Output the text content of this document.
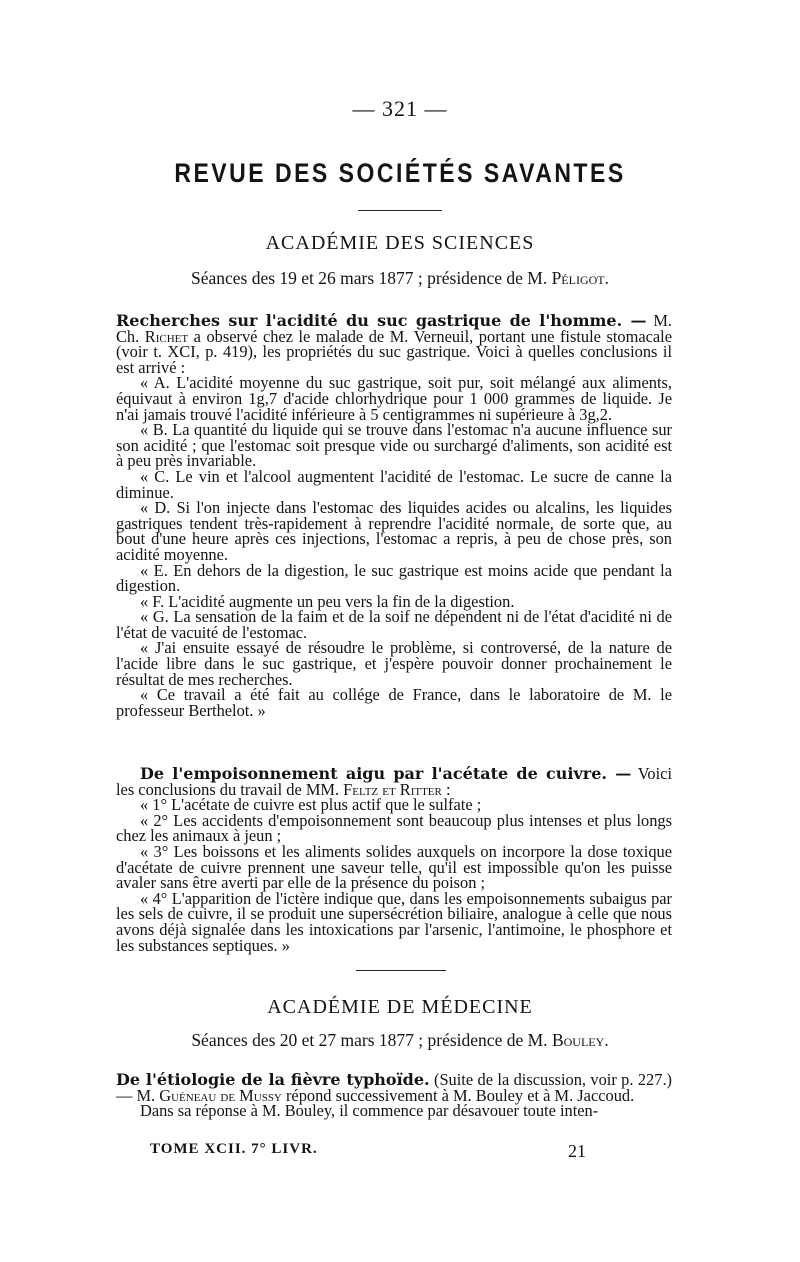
— 321 —
REVUE DES SOCIÉTÉS SAVANTES
ACADÉMIE DES SCIENCES
Séances des 19 et 26 mars 1877 ; présidence de M. Péligot.

Recherches sur l'acidité du suc gastrique de l'homme. — M. Ch. Richet a observé chez le malade de M. Verneuil, portant une fistule stomacale (voir t. XCI, p. 419), les propriétés du suc gastrique. Voici à quelles conclusions il est arrivé :

« A. L'acidité moyenne du suc gastrique, soit pur, soit mélangé aux aliments, équivaut à environ 1g,7 d'acide chlorhydrique pour 1 000 grammes de liquide. Je n'ai jamais trouvé l'acidité inférieure à 5 centigrammes ni supérieure à 3g,2.

« B. La quantité du liquide qui se trouve dans l'estomac n'a aucune influence sur son acidité ; que l'estomac soit presque vide ou surchargé d'aliments, son acidité est à peu près invariable.

« C. Le vin et l'alcool augmentent l'acidité de l'estomac. Le sucre de canne la diminue.

« D. Si l'on injecte dans l'estomac des liquides acides ou alcalins, les liquides gastriques tendent très-rapidement à reprendre l'acidité normale, de sorte que, au bout d'une heure après ces injections, l'estomac a repris, à peu de chose près, son acidité moyenne.

« E. En dehors de la digestion, le suc gastrique est moins acide que pendant la digestion.

« F. L'acidité augmente un peu vers la fin de la digestion.

« G. La sensation de la faim et de la soif ne dépendent ni de l'état d'acidité ni de l'état de vacuité de l'estomac.

« J'ai ensuite essayé de résoudre le problème, si controversé, de la nature de l'acide libre dans le suc gastrique, et j'espère pouvoir donner prochainement le résultat de mes recherches.

« Ce travail a été fait au collége de France, dans le laboratoire de M. le professeur Berthelot. »

De l'empoisonnement aigu par l'acétate de cuivre. — Voici les conclusions du travail de MM. Feltz et Ritter :

« 1° L'acétate de cuivre est plus actif que le sulfate ;

« 2° Les accidents d'empoisonnement sont beaucoup plus intenses et plus longs chez les animaux à jeun ;

« 3° Les boissons et les aliments solides auxquels on incorpore la dose toxique d'acétate de cuivre prennent une saveur telle, qu'il est impossible qu'on les puisse avaler sans être averti par elle de la présence du poison ;

« 4° L'apparition de l'ictère indique que, dans les empoisonnements subaigus par les sels de cuivre, il se produit une supersécrétion biliaire, analogue à celle que nous avons déjà signalée dans les intoxications par l'arsenic, l'antimoine, le phosphore et les substances septiques. »

ACADÉMIE DE MÉDECINE
Séances des 20 et 27 mars 1877 ; présidence de M. Bouley.

De l'étiologie de la fièvre typhoïde. (Suite de la discussion, voir p. 227.) — M. Guéneau de Mussy répond successivement à M. Bouley et à M. Jaccoud.

Dans sa réponse à M. Bouley, il commence par désavouer toute inten-

TOME XCII. 7° LIVR.	21
